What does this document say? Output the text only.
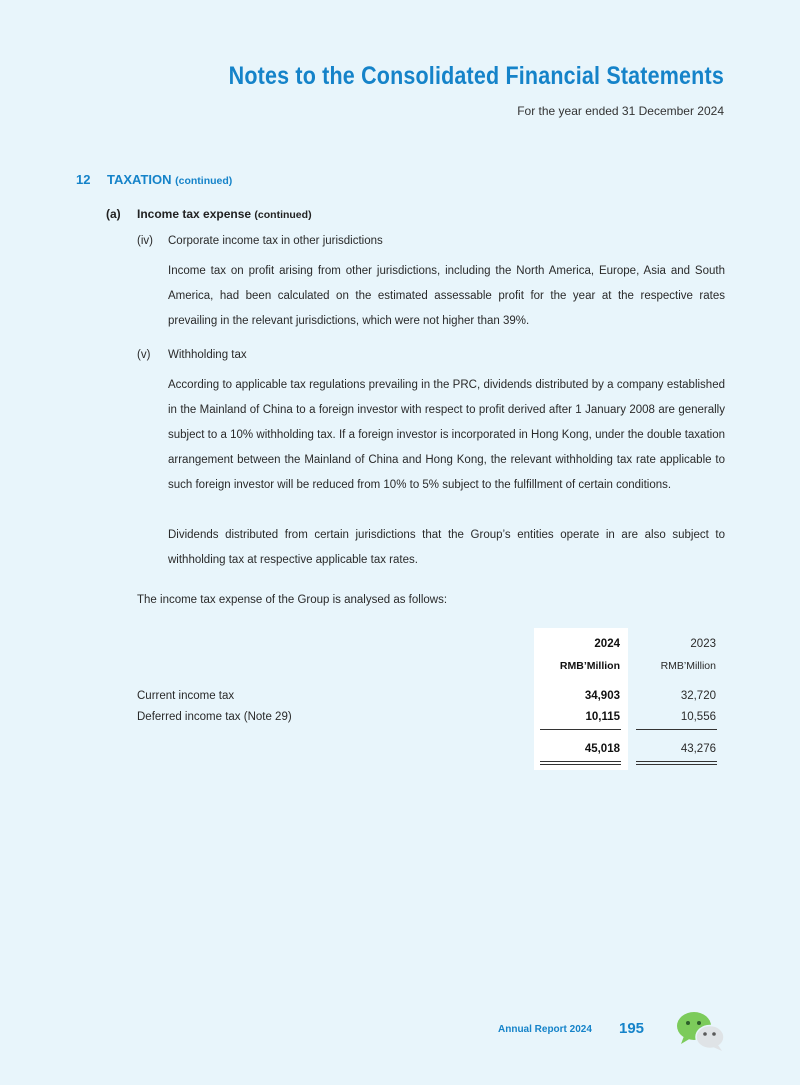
Notes to the Consolidated Financial Statements
For the year ended 31 December 2024
12 TAXATION (continued)
(a) Income tax expense (continued)
(iv) Corporate income tax in other jurisdictions
Income tax on profit arising from other jurisdictions, including the North America, Europe, Asia and South America, had been calculated on the estimated assessable profit for the year at the respective rates prevailing in the relevant jurisdictions, which were not higher than 39%.
(v) Withholding tax
According to applicable tax regulations prevailing in the PRC, dividends distributed by a company established in the Mainland of China to a foreign investor with respect to profit derived after 1 January 2008 are generally subject to a 10% withholding tax. If a foreign investor is incorporated in Hong Kong, under the double taxation arrangement between the Mainland of China and Hong Kong, the relevant withholding tax rate applicable to such foreign investor will be reduced from 10% to 5% subject to the fulfillment of certain conditions.
Dividends distributed from certain jurisdictions that the Group’s entities operate in are also subject to withholding tax at respective applicable tax rates.
The income tax expense of the Group is analysed as follows:
2024	2023
RMB’Million	RMB’Million
Current income tax	34,903	32,720
Deferred income tax (Note 29)	10,115	10,556
45,018	43,276
Annual Report 2024 195
